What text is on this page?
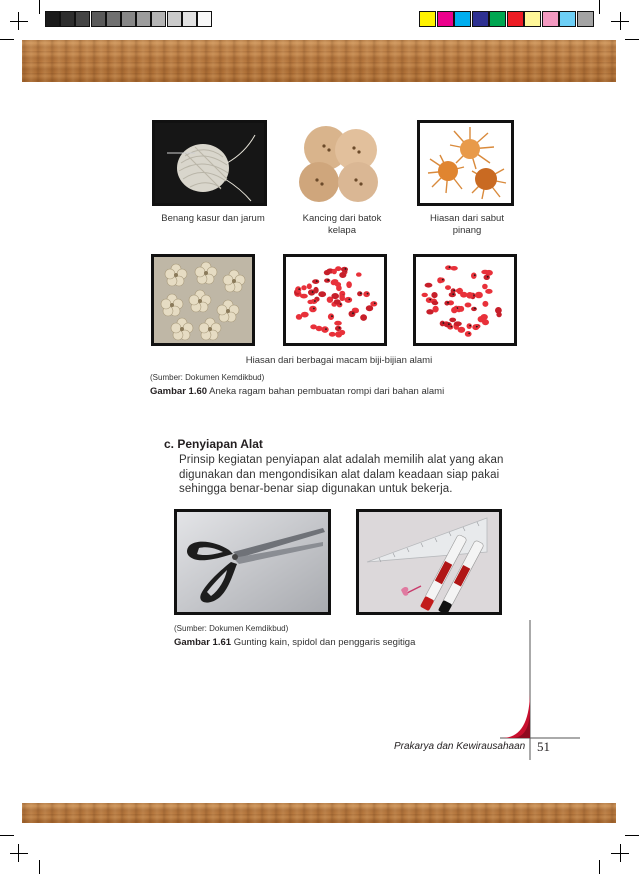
Benang kasur dan jarum	Kancing dari batok kelapa
Hiasan dari sabut pinang
Hiasan dari berbagai macam biji-bijian alami
(Sumber: Dokumen Kemdikbud)
Gambar 1.60 Aneka ragam bahan pembuatan rompi dari bahan alami
c. Penyiapan Alat
Prinsip kegiatan penyiapan alat adalah memilih alat yang akan
digunakan dan mengondisikan alat dalam keadaan siap pakai
sehingga benar-benar siap digunakan untuk bekerja.
(Sumber: Dokumen Kemdikbud)
Gambar 1.61 Gunting kain, spidol dan penggaris segitiga
Prakarya dan Kewirausahaan 51
